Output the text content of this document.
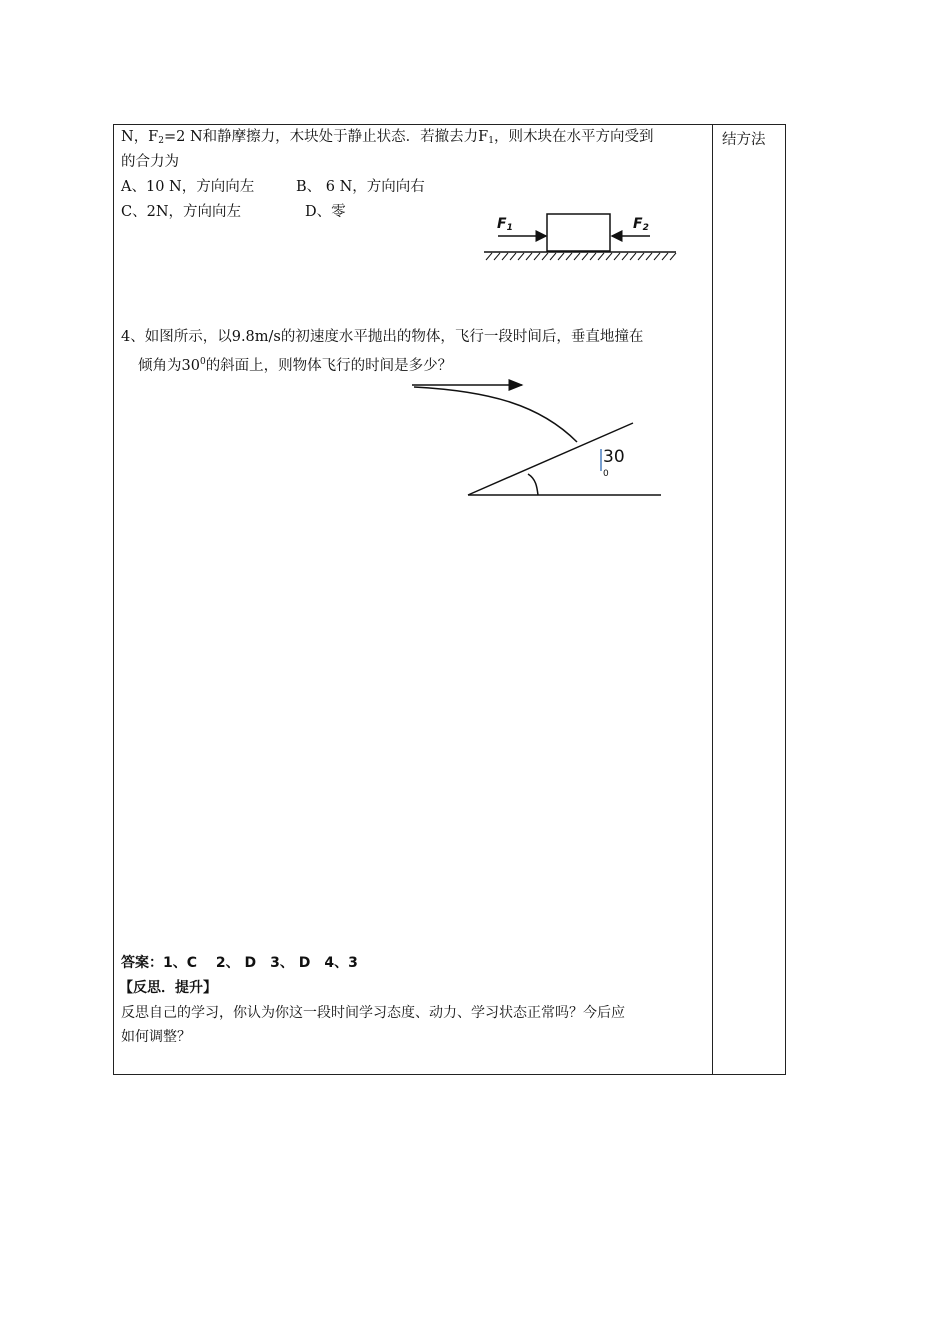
结方法
N，$F_2=2$ N和静摩擦力，木块处于静止状态．若撤去力$F_1$，则木块在水平方向受到
的合力为
A、10 N，方向向左	B、 6 N，方向向右
C、2N，方向向左	D、零
$F_1$	$F_2$
4、如图所示，以9.8m/s的初速度水平抛出的物体，飞行一段时间后，垂直地撞在
倾角为$30^0$的斜面上，则物体飞行的时间是多少？
30
0
答案：1、C　 2、 D　3、 D　4、3
【反思．提升】
反思自己的学习，你认为你这一段时间学习态度、动力、学习状态正常吗？今后应
如何调整？
